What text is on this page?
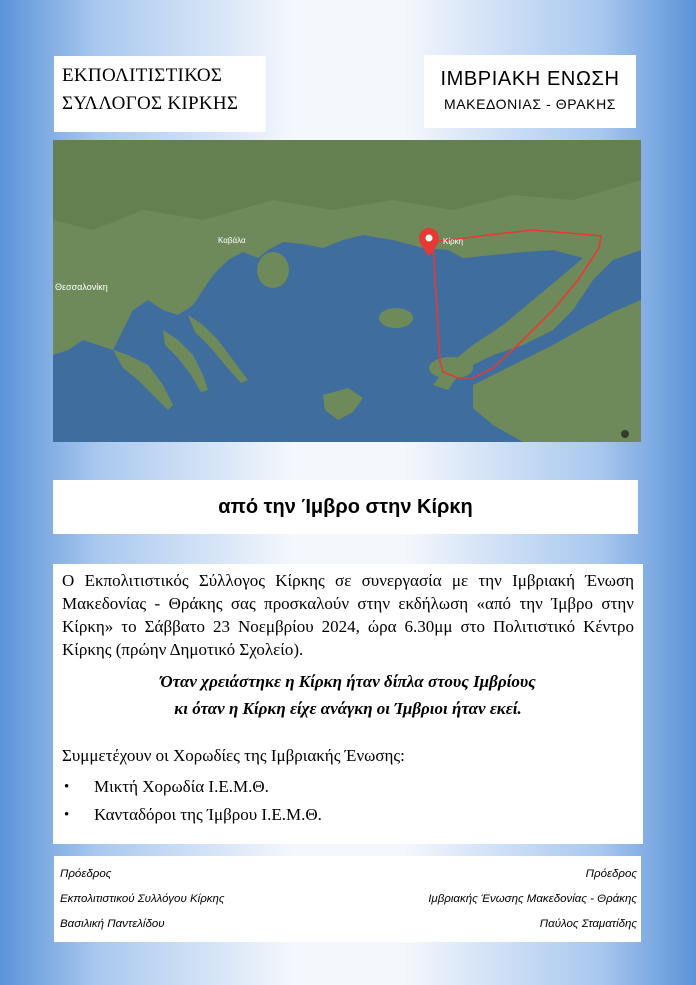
ΕΚΠΟΛΙΤΙΣΤΙΚΟΣ
ΣΥΛΛΟΓΟΣ ΚΙΡΚΗΣ
ΙΜΒΡΙΑΚΗ ΕΝΩΣΗ
ΜΑΚΕΔΟΝΙΑΣ - ΘΡΑΚΗΣ
Θεσσαλονίκη
Καβάλα	Κίρκη
από την Ίμβρο στην Κίρκη

Ο Εκπολιτιστικός Σύλλογος Κίρκης σε συνεργασία με την Ιμβριακή Ένωση Μακεδονίας - Θράκης σας προσκαλούν στην εκδήλωση «από την Ίμβρο στην Κίρκη» το Σάββατο 23 Νοεμβρίου 2024, ώρα 6.30μμ στο Πολιτιστικό Κέντρο Κίρκης (πρώην Δημοτικό Σχολείο).

Όταν χρειάστηκε η Κίρκη ήταν δίπλα στους Ιμβρίους
κι όταν η Κίρκη είχε ανάγκη οι Ίμβριοι ήταν εκεί.
Συμμετέχουν οι Χορωδίες της Ιμβριακής Ένωσης:
•	Μικτή Χορωδία Ι.Ε.Μ.Θ.
•	Κανταδόροι της Ίμβρου Ι.Ε.Μ.Θ.
Πρόεδρος
Εκπολιτιστικού Συλλόγου Κίρκης
Βασιλική Παντελίδου
Πρόεδρος
Ιμβριακής Ένωσης Μακεδονίας - Θράκης
Παύλος Σταματίδης
